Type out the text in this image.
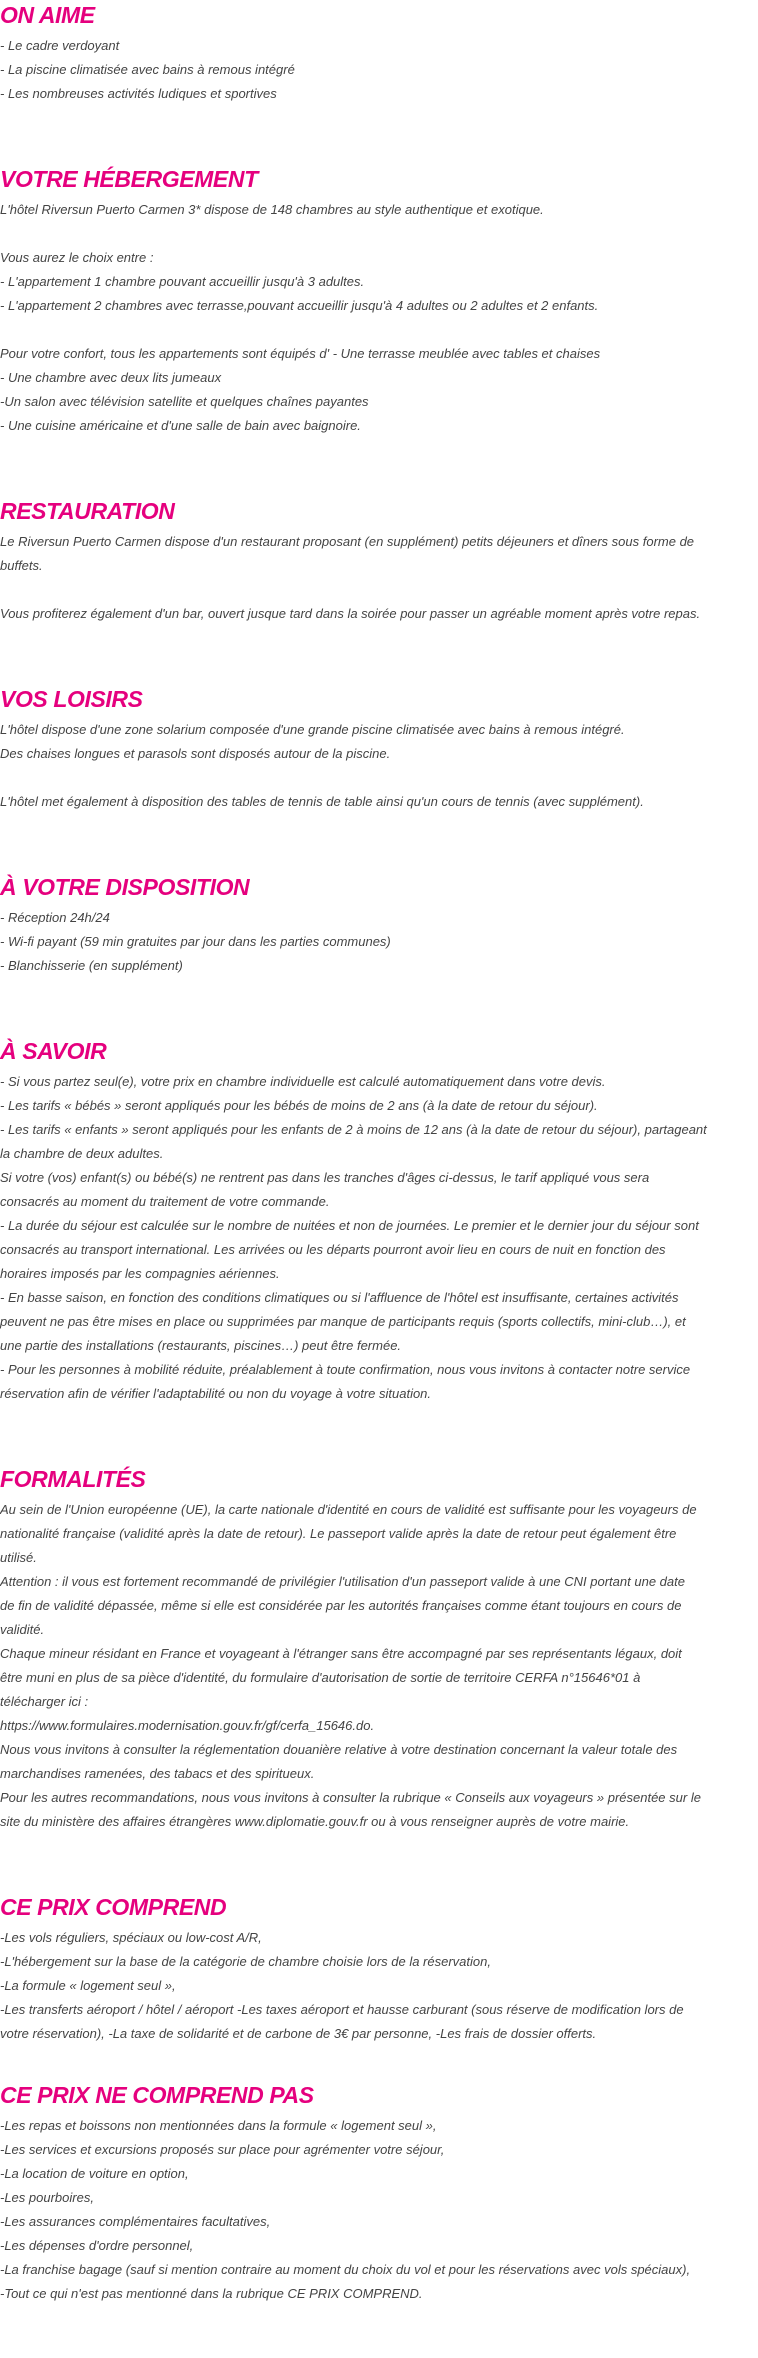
ON AIME
- Le cadre verdoyant
- La piscine climatisée avec bains à remous intégré
- Les nombreuses activités ludiques et sportives
VOTRE HÉBERGEMENT
L'hôtel Riversun Puerto Carmen 3* dispose de 148 chambres au style authentique et exotique.
Vous aurez le choix entre :
- L'appartement 1 chambre pouvant accueillir jusqu'à 3 adultes.
- L'appartement 2 chambres avec terrasse,pouvant accueillir jusqu'à 4 adultes ou 2 adultes et 2 enfants.
Pour votre confort, tous les appartements sont équipés d' - Une terrasse meublée avec tables et chaises
- Une chambre avec deux lits jumeaux
-Un salon avec télévision satellite et quelques chaînes payantes
- Une cuisine américaine et d'une salle de bain avec baignoire.
RESTAURATION
Le Riversun Puerto Carmen dispose d'un restaurant proposant (en supplément) petits déjeuners et dîners sous forme de
buffets.
Vous profiterez également d'un bar, ouvert jusque tard dans la soirée pour passer un agréable moment après votre repas.
VOS LOISIRS
L'hôtel dispose d'une zone solarium composée d'une grande piscine climatisée avec bains à remous intégré.
Des chaises longues et parasols sont disposés autour de la piscine.
L'hôtel met également à disposition des tables de tennis de table ainsi qu'un cours de tennis (avec supplément).
À VOTRE DISPOSITION
- Réception 24h/24
- Wi-fi payant (59 min gratuites par jour dans les parties communes)
- Blanchisserie (en supplément)
À SAVOIR
- Si vous partez seul(e), votre prix en chambre individuelle est calculé automatiquement dans votre devis.
- Les tarifs « bébés » seront appliqués pour les bébés de moins de 2 ans (à la date de retour du séjour).
- Les tarifs « enfants » seront appliqués pour les enfants de 2 à moins de 12 ans (à la date de retour du séjour), partageant
la chambre de deux adultes.
Si votre (vos) enfant(s) ou bébé(s) ne rentrent pas dans les tranches d'âges ci-dessus, le tarif appliqué vous sera
consacrés au moment du traitement de votre commande.
- La durée du séjour est calculée sur le nombre de nuitées et non de journées. Le premier et le dernier jour du séjour sont
consacrés au transport international. Les arrivées ou les départs pourront avoir lieu en cours de nuit en fonction des
horaires imposés par les compagnies aériennes.
- En basse saison, en fonction des conditions climatiques ou si l'affluence de l'hôtel est insuffisante, certaines activités
peuvent ne pas être mises en place ou supprimées par manque de participants requis (sports collectifs, mini-club…), et
une partie des installations (restaurants, piscines…) peut être fermée.
- Pour les personnes à mobilité réduite, préalablement à toute confirmation, nous vous invitons à contacter notre service
réservation afin de vérifier l'adaptabilité ou non du voyage à votre situation.
FORMALITÉS
Au sein de l'Union européenne (UE), la carte nationale d'identité en cours de validité est suffisante pour les voyageurs de
nationalité française (validité après la date de retour). Le passeport valide après la date de retour peut également être
utilisé.
Attention : il vous est fortement recommandé de privilégier l'utilisation d'un passeport valide à une CNI portant une date
de fin de validité dépassée, même si elle est considérée par les autorités françaises comme étant toujours en cours de
validité.
Chaque mineur résidant en France et voyageant à l'étranger sans être accompagné par ses représentants légaux, doit
être muni en plus de sa pièce d'identité, du formulaire d'autorisation de sortie de territoire CERFA n°15646*01 à
télécharger ici :
https://www.formulaires.modernisation.gouv.fr/gf/cerfa_15646.do.
Nous vous invitons à consulter la réglementation douanière relative à votre destination concernant la valeur totale des
marchandises ramenées, des tabacs et des spiritueux.
Pour les autres recommandations, nous vous invitons à consulter la rubrique « Conseils aux voyageurs » présentée sur le
site du ministère des affaires étrangères www.diplomatie.gouv.fr ou à vous renseigner auprès de votre mairie.
CE PRIX COMPREND
-Les vols réguliers, spéciaux ou low-cost A/R,
-L'hébergement sur la base de la catégorie de chambre choisie lors de la réservation,
-La formule « logement seul »,
-Les transferts aéroport / hôtel / aéroport -Les taxes aéroport et hausse carburant (sous réserve de modification lors de
votre réservation), -La taxe de solidarité et de carbone de 3€ par personne, -Les frais de dossier offerts.
CE PRIX NE COMPREND PAS
-Les repas et boissons non mentionnées dans la formule « logement seul »,
-Les services et excursions proposés sur place pour agrémenter votre séjour,
-La location de voiture en option,
-Les pourboires,
-Les assurances complémentaires facultatives,
-Les dépenses d'ordre personnel,
-La franchise bagage (sauf si mention contraire au moment du choix du vol et pour les réservations avec vols spéciaux),
-Tout ce qui n'est pas mentionné dans la rubrique CE PRIX COMPREND.
